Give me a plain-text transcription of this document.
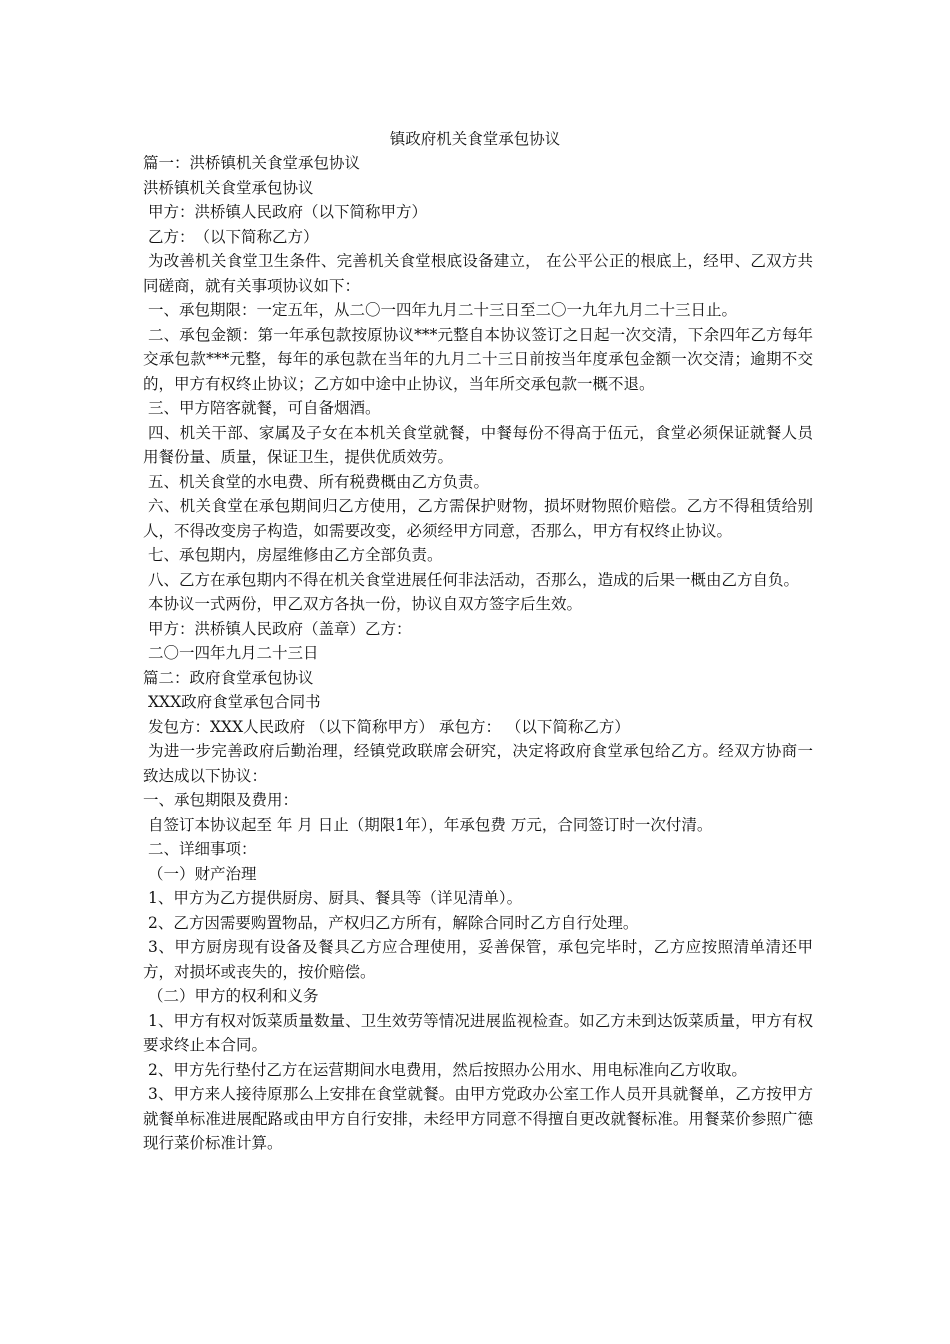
镇政府机关食堂承包协议

篇一：洪桥镇机关食堂承包协议

洪桥镇机关食堂承包协议

甲方：洪桥镇人民政府（以下简称甲方）

乙方：　（以下简称乙方）

为改善机关食堂卫生条件、完善机关食堂根底设备建立， 在公平公正的根底上，经甲、乙双方共同磋商，就有关事项协议如下：

一、承包期限：一定五年，从二〇一四年九月二十三日至二〇一九年九月二十三日止。

二、承包金额：第一年承包款按原协议***元整自本协议签订之日起一次交清，下余四年乙方每年交承包款***元整，每年的承包款在当年的九月二十三日前按当年度承包金额一次交清；逾期不交的，甲方有权终止协议；乙方如中途中止协议，当年所交承包款一概不退。

三、甲方陪客就餐，可自备烟酒。

四、机关干部、家属及子女在本机关食堂就餐，中餐每份不得高于伍元，食堂必须保证就餐人员用餐份量、质量，保证卫生，提供优质效劳。

五、机关食堂的水电费、所有税费概由乙方负责。

六、机关食堂在承包期间归乙方使用，乙方需保护财物，损坏财物照价赔偿。乙方不得租赁给别人，不得改变房子构造，如需要改变，必须经甲方同意，否那么，甲方有权终止协议。

七、承包期内，房屋维修由乙方全部负责。

八、乙方在承包期内不得在机关食堂进展任何非法活动，否那么，造成的后果一概由乙方自负。

本协议一式两份，甲乙双方各执一份，协议自双方签字后生效。

甲方：洪桥镇人民政府（盖章）乙方：

二〇一四年九月二十三日

篇二：政府食堂承包协议

XXX政府食堂承包合同书

发包方：XXX人民政府 （以下简称甲方） 承包方： （以下简称乙方）

为进一步完善政府后勤治理，经镇党政联席会研究，决定将政府食堂承包给乙方。经双方协商一致达成以下协议：

一、承包期限及费用：

自签订本协议起至 年 月 日止（期限1年），年承包费 万元，合同签订时一次付清。

二、详细事项：

（一）财产治理

1、甲方为乙方提供厨房、厨具、餐具等（详见清单）。

2、乙方因需要购置物品，产权归乙方所有，解除合同时乙方自行处理。

3、甲方厨房现有设备及餐具乙方应合理使用，妥善保管，承包完毕时，乙方应按照清单清还甲方，对损坏或丧失的，按价赔偿。

（二）甲方的权利和义务

1、甲方有权对饭菜质量数量、卫生效劳等情况进展监视检查。如乙方未到达饭菜质量，甲方有权要求终止本合同。

2、甲方先行垫付乙方在运营期间水电费用，然后按照办公用水、用电标准向乙方收取。

3、甲方来人接待原那么上安排在食堂就餐。由甲方党政办公室工作人员开具就餐单，乙方按甲方就餐单标准进展配路或由甲方自行安排，未经甲方同意不得擅自更改就餐标准。用餐菜价参照广德现行菜价标准计算。
